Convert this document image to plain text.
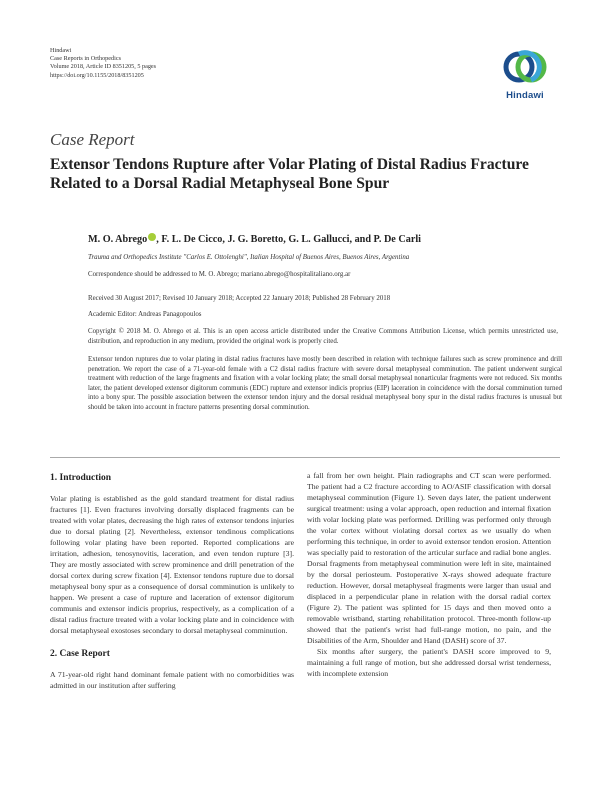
Hindawi
Case Reports in Orthopedics
Volume 2018, Article ID 8351205, 5 pages
https://doi.org/10.1155/2018/8351205
Hindawi
Case Report
Extensor Tendons Rupture after Volar Plating of Distal Radius Fracture Related to a Dorsal Radial Metaphyseal Bone Spur
M. O. Abrego , F. L. De Cicco, J. G. Boretto, G. L. Gallucci, and P. De Carli
Trauma and Orthopedics Institute "Carlos E. Ottolenghi", Italian Hospital of Buenos Aires, Buenos Aires, Argentina
Correspondence should be addressed to M. O. Abrego; mariano.abrego@hospitalitaliano.org.ar
Received 30 August 2017; Revised 10 January 2018; Accepted 22 January 2018; Published 28 February 2018
Academic Editor: Andreas Panagopoulos
Copyright © 2018 M. O. Abrego et al. This is an open access article distributed under the Creative Commons Attribution License, which permits unrestricted use, distribution, and reproduction in any medium, provided the original work is properly cited.
Extensor tendon ruptures due to volar plating in distal radius fractures have mostly been described in relation with technique failures such as screw prominence and drill penetration. We report the case of a 71-year-old female with a C2 distal radius fracture with severe dorsal metaphyseal comminution. The patient underwent surgical treatment with reduction of the large fragments and fixation with a volar locking plate; the small dorsal metaphyseal nonarticular fragments were not reduced. Six months later, the patient developed extensor digitorum communis (EDC) rupture and extensor indicis proprius (EIP) laceration in coincidence with the dorsal comminution turned into a bony spur. The possible association between the extensor tendon injury and the dorsal residual metaphyseal bony spur in the distal radius fractures is unusual but should be taken into account in fracture patterns presenting dorsal comminution.
1. Introduction

Volar plating is established as the gold standard treatment for distal radius fractures [1]. Even fractures involving dorsally displaced fragments can be treated with volar plates, decreasing the high rates of extensor tendons injuries due to dorsal plating [2]. Nevertheless, extensor tendinous complications following volar plating have been reported. Reported complications are irritation, adhesion, tenosynovitis, laceration, and even tendon rupture [3]. They are mostly associated with screw prominence and drill penetration of the dorsal cortex during screw fixation [4]. Extensor tendons rupture due to dorsal metaphyseal bony spur as a consequence of dorsal comminution is unlikely to happen. We present a case of rupture and laceration of extensor digitorum communis and extensor indicis proprius, respectively, as a complication of a distal radius fracture treated with a volar locking plate and in coincidence with dorsal metaphyseal exostoses secondary to dorsal metaphyseal comminution.

2. Case Report

A 71-year-old right hand dominant female patient with no comorbidities was admitted in our institution after suffering

a fall from her own height. Plain radiographs and CT scan were performed. The patient had a C2 fracture according to AO/ASIF classification with dorsal metaphyseal comminution (Figure 1). Seven days later, the patient underwent surgical treatment: using a volar approach, open reduction and internal fixation with volar locking plate was performed. Drilling was performed only through the volar cortex without violating dorsal cortex as we usually do when performing this technique, in order to avoid extensor tendon erosion. Attention was specially paid to restoration of the articular surface and radial bone angles. Dorsal fragments from metaphyseal comminution were left in site, maintained by the dorsal periosteum. Postoperative X-rays showed adequate fracture reduction. However, dorsal metaphyseal fragments were larger than usual and displaced in a perpendicular plane in relation with the dorsal radial cortex (Figure 2). The patient was splinted for 15 days and then moved onto a removable wristband, starting rehabilitation protocol. Three-month follow-up showed that the patient's wrist had full-range motion, no pain, and the Disabilities of the Arm, Shoulder and Hand (DASH) score of 37.

Six months after surgery, the patient's DASH score improved to 9, maintaining a full range of motion, but she addressed dorsal wrist tenderness, with incomplete extension
